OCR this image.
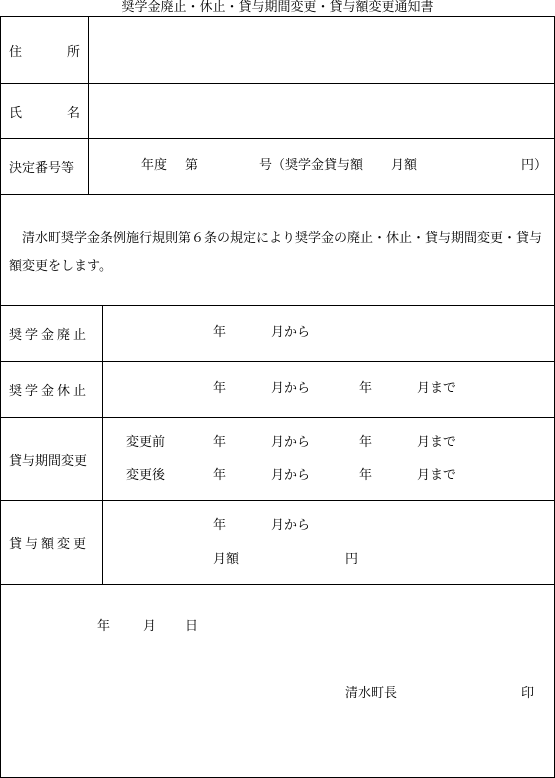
奨学金廃止・休止・貸与期間変更・貸与額変更通知書
住	所
氏	名
決定番号等	年度 第	号（奨学金貸与額 月額	円）
清水町奨学金条例施行規則第６条の規定により奨学金の廃止・休止・貸与期間変更・貸与額変更をします。
奨学金廃止	年	月から
奨学金休止	年	月から	年	月まで
貸与期間変更
変更前	年	月から	年	月まで
変更後	年	月から	年	月まで
貸与額変更
年	月から
月額	円
年	月 日
清水町長	印
